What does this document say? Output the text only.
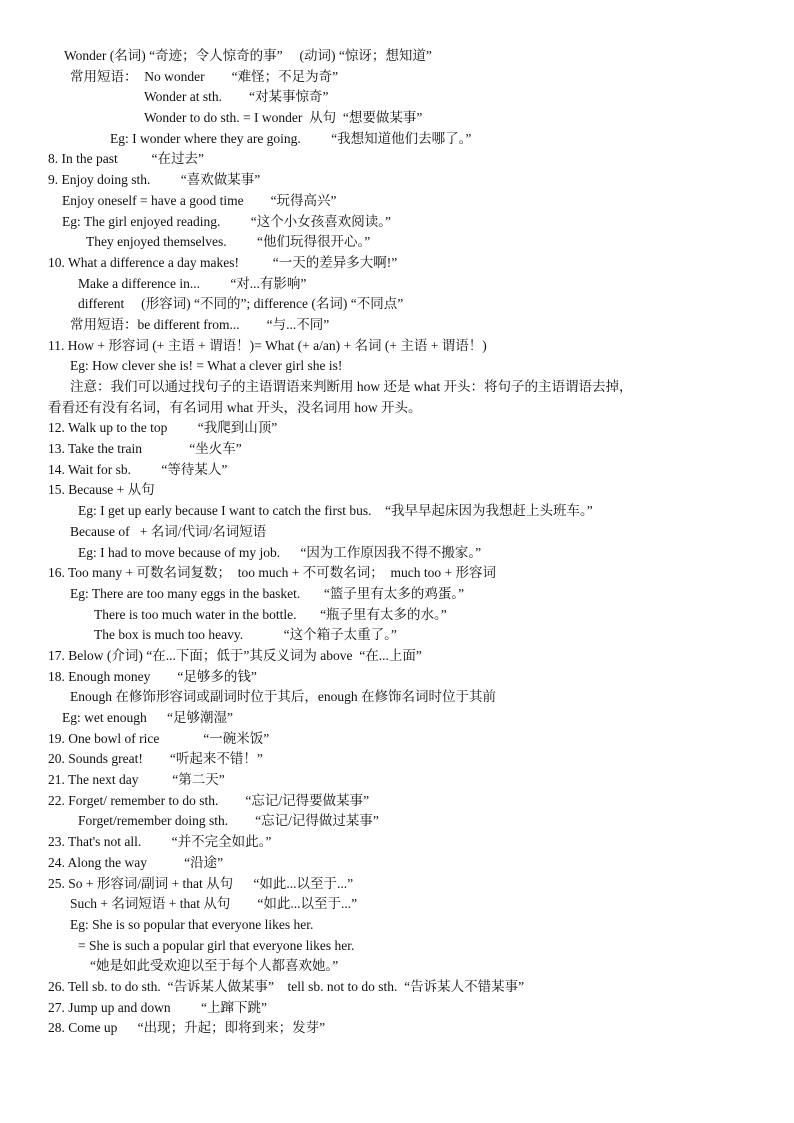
Wonder (名词) “奇迹；令人惊奇的事”     (动词) “惊讶；想知道”
常用短语：  No wonder        “难怪；不足为奇”
Wonder at sth.        “对某事惊奇”
Wonder to do sth. = I wonder  从句  “想要做某事”
Eg: I wonder where they are going.         “我想知道他们去哪了。”
8. In the past          “在过去”
9. Enjoy doing sth.         “喜欢做某事”
Enjoy oneself = have a good time        “玩得高兴”
Eg: The girl enjoyed reading.         “这个小女孩喜欢阅读。”
They enjoyed themselves.         “他们玩得很开心。”
10. What a difference a day makes!          “一天的差异多大啊!”
Make a difference in...         “对...有影响”
different     (形容词) “不同的”; difference (名词) “不同点”
常用短语：be different from...        “与...不同”
11. How + 形容词 (+ 主语 + 谓语！)= What (+ a/an) + 名词 (+ 主语 + 谓语！)
Eg: How clever she is! = What a clever girl she is!
注意：我们可以通过找句子的主语谓语来判断用 how 还是 what 开头：将句子的主语谓语去掉，
看看还有没有名词，有名词用 what 开头，没名词用 how 开头。
12. Walk up to the top         “我爬到山顶”
13. Take the train              “坐火车”
14. Wait for sb.         “等待某人”
15. Because + 从句
Eg: I get up early because I want to catch the first bus.    “我早早起床因为我想赶上头班车。”
Because of   + 名词/代词/名词短语
Eg: I had to move because of my job.      “因为工作原因我不得不搬家。”
16. Too many + 可数名词复数；  too much + 不可数名词；  much too + 形容词
Eg: There are too many eggs in the basket.       “篮子里有太多的鸡蛋。”
There is too much water in the bottle.       “瓶子里有太多的水。”
The box is much too heavy.            “这个箱子太重了。”
17. Below (介词) “在...下面；低于”其反义词为 above  “在...上面”
18. Enough money        “足够多的钱”
Enough 在修饰形容词或副词时位于其后，enough 在修饰名词时位于其前
Eg: wet enough      “足够潮湿”
19. One bowl of rice             “一碗米饭”
20. Sounds great!        “听起来不错！”
21. The next day          “第二天”
22. Forget/ remember to do sth.        “忘记/记得要做某事”
Forget/remember doing sth.        “忘记/记得做过某事”
23. That's not all.         “并不完全如此。”
24. Along the way           “沿途”
25. So + 形容词/副词 + that 从句      “如此...以至于...”
Such + 名词短语 + that 从句        “如此...以至于...”
Eg: She is so popular that everyone likes her.
= She is such a popular girl that everyone likes her.
“她是如此受欢迎以至于每个人都喜欢她。”
26. Tell sb. to do sth.  “告诉某人做某事”    tell sb. not to do sth.  “告诉某人不错某事”
27. Jump up and down         “上蹿下跳”
28. Come up      “出现；升起；即将到来；发芽”
